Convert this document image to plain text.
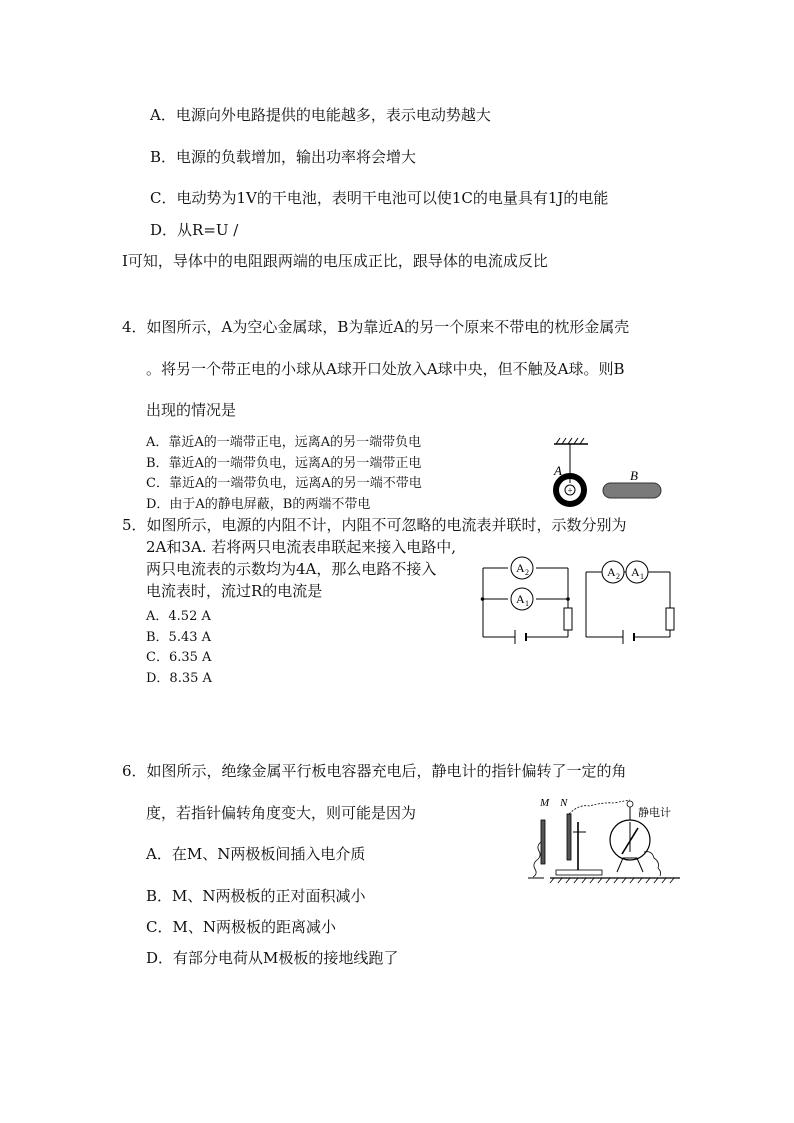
A．电源向外电路提供的电能越多，表示电动势越大
B．电源的负载增加，输出功率将会增大
C．电动势为1V的干电池，表明干电池可以使1C的电量具有1J的电能
D．从R=U /
I可知，导体中的电阻跟两端的电压成正比，跟导体的电流成反比
4．如图所示，A为空心金属球，B为靠近A的另一个原来不带电的枕形金属壳
。将另一个带正电的小球从A球开口处放入A球中央，但不触及A球。则B
出现的情况是
A．靠近A的一端带正电，远离A的另一端带负电
B．靠近A的一端带负电，远离A的另一端带正电
C．靠近A的一端带负电，远离A的另一端不带电
D．由于A的静电屏蔽，B的两端不带电
+
A	B
5．如图所示，电源的内阻不计，内阻不可忽略的电流表并联时，示数分别为
2A和3A. 若将两只电流表串联起来接入电路中,
两只电流表的示数均为4A，那么电路不接入
电流表时，流过R的电流是
A．4.52 A
B．5.43 A
C．6.35 A
D．8.35 A
A 2
A 1
A 2 A 1
6．如图所示，绝缘金属平行板电容器充电后，静电计的指针偏转了一定的角
度，若指针偏转角度变大，则可能是因为
A．在M、N两极板间插入电介质
B．M、N两极板的正对面积减小
C．M、N两极板的距离减小
D．有部分电荷从M极板的接地线跑了
M N
静电计
